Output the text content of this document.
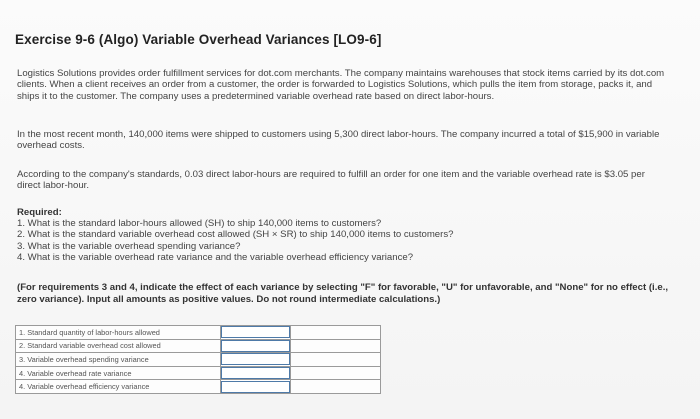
Exercise 9-6 (Algo) Variable Overhead Variances [LO9-6]

Logistics Solutions provides order fulfillment services for dot.com merchants. The company maintains warehouses that stock items carried by its dot.com clients. When a client receives an order from a customer, the order is forwarded to Logistics Solutions, which pulls the item from storage, packs it, and ships it to the customer. The company uses a predetermined variable overhead rate based on direct labor-hours.

In the most recent month, 140,000 items were shipped to customers using 5,300 direct labor-hours. The company incurred a total of $15,900 in variable overhead costs.

According to the company's standards, 0.03 direct labor-hours are required to fulfill an order for one item and the variable overhead rate is $3.05 per direct labor-hour.

Required:
1. What is the standard labor-hours allowed (SH) to ship 140,000 items to customers?
2. What is the standard variable overhead cost allowed (SH × SR) to ship 140,000 items to customers?
3. What is the variable overhead spending variance?
4. What is the variable overhead rate variance and the variable overhead efficiency variance?
(For requirements 3 and 4, indicate the effect of each variance by selecting "F" for favorable, "U" for unfavorable, and "None" for no effect (i.e., zero variance). Input all amounts as positive values. Do not round intermediate calculations.)
1. Standard quantity of labor-hours allowed	

2. Standard variable overhead cost allowed	

3. Variable overhead spending variance	

4. Variable overhead rate variance	

4. Variable overhead efficiency variance	
